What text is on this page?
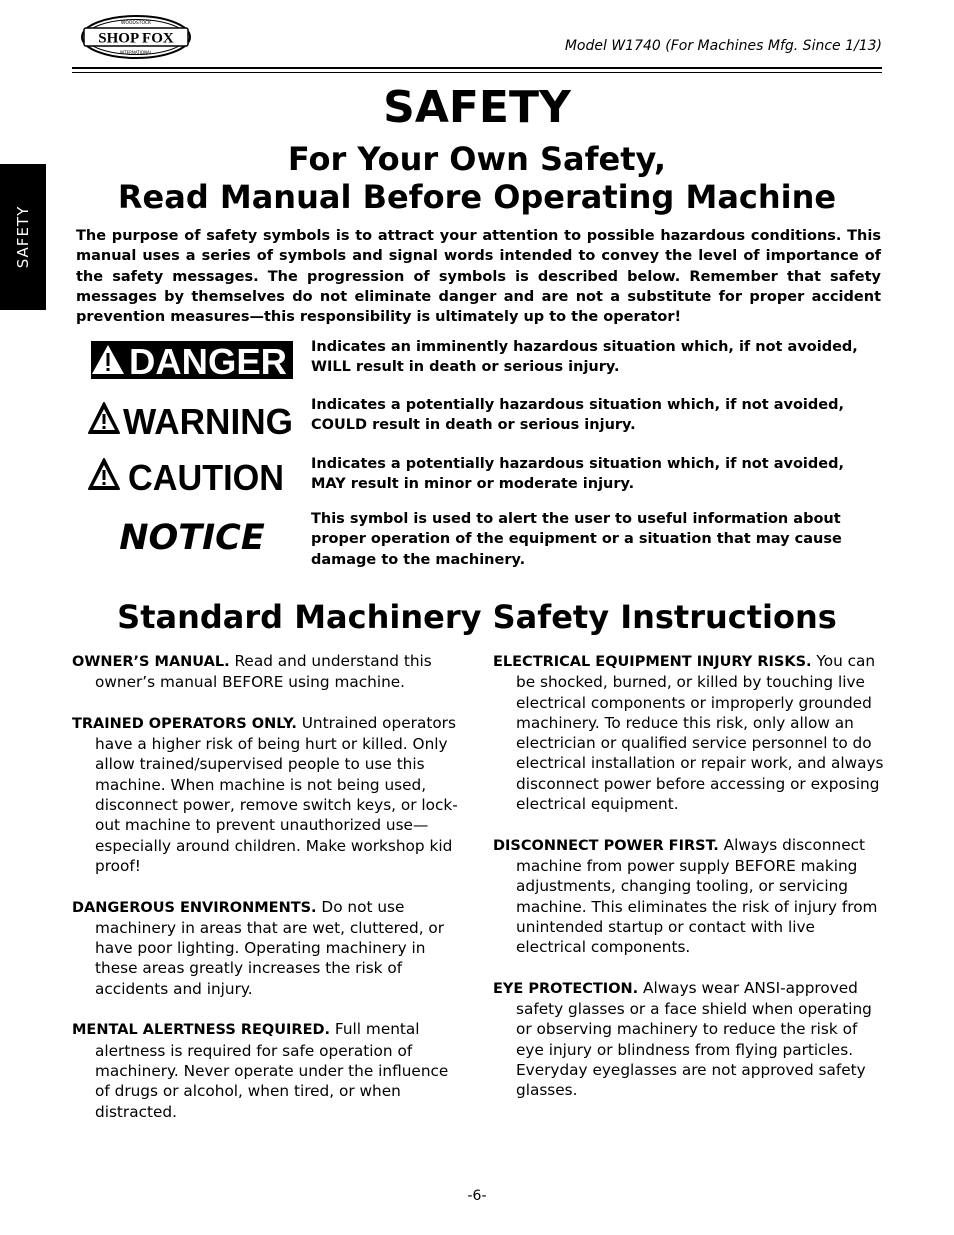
SHOP FOX
WOODSTOCK
INTERNATIONAL	Model W1740 (For Machines Mfg. Since 1/13)
SAFETY
SAFETY
For Your Own Safety,
Read Manual Before Operating Machine
The purpose of safety symbols is to attract your attention to possible hazardous conditions. This manual uses a series of symbols and signal words intended to convey the level of importance of the safety messages. The progression of symbols is described below. Remember that safety messages by themselves do not eliminate danger and are not a substitute for proper accident prevention measures—this responsibility is ultimately up to the operator!
DANGER Indicates an imminently hazardous situation which, if not avoided,
WILL result in death or serious injury.
WARNING Indicates a potentially hazardous situation which, if not avoided,
COULD result in death or serious injury.
CAUTION Indicates a potentially hazardous situation which, if not avoided,
MAY result in minor or moderate injury.
NOTICE	This symbol is used to alert the user to useful information about
proper operation of the equipment or a situation that may cause
damage to the machinery.
Standard Machinery Safety Instructions
OWNER’S MANUAL. Read and understand this owner’s manual BEFORE using machine.
TRAINED OPERATORS ONLY. Untrained operators have a higher risk of being hurt or killed. Only allow trained/supervised people to use this machine. When machine is not being used, disconnect power, remove switch keys, or lock-out machine to prevent unauthorized use—especially around children. Make workshop kid proof!
DANGEROUS ENVIRONMENTS. Do not use machinery in areas that are wet, cluttered, or have poor lighting. Operating machinery in these areas greatly increases the risk of accidents and injury.
MENTAL ALERTNESS REQUIRED. Full mental alertness is required for safe operation of machinery. Never operate under the influence of drugs or alcohol, when tired, or when distracted.
ELECTRICAL EQUIPMENT INJURY RISKS. You can be shocked, burned, or killed by touching live electrical components or improperly grounded machinery. To reduce this risk, only allow an electrician or qualified service personnel to do electrical installation or repair work, and always disconnect power before accessing or exposing electrical equipment.
DISCONNECT POWER FIRST. Always disconnect machine from power supply BEFORE making adjustments, changing tooling, or servicing machine. This eliminates the risk of injury from unintended startup or contact with live electrical components.
EYE PROTECTION. Always wear ANSI-approved safety glasses or a face shield when operating or observing machinery to reduce the risk of eye injury or blindness from flying particles. Everyday eyeglasses are not approved safety glasses.
-6-
